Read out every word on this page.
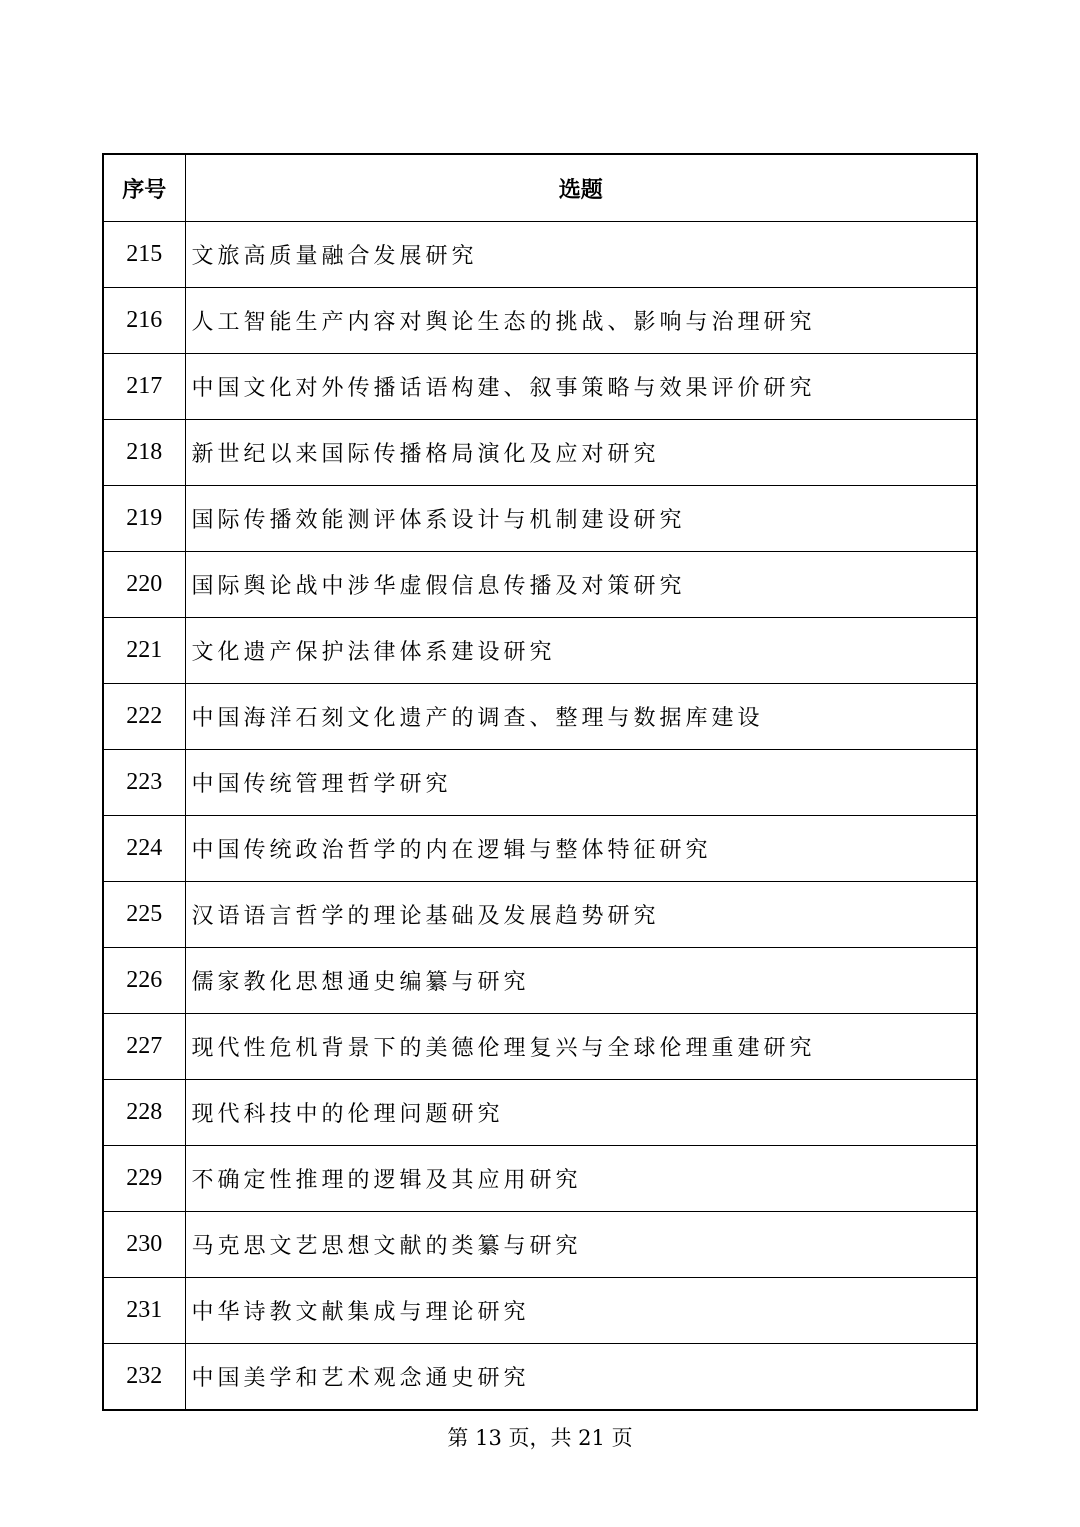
序号	选题
215	文旅高质量融合发展研究
216	人工智能生产内容对舆论生态的挑战、影响与治理研究
217	中国文化对外传播话语构建、叙事策略与效果评价研究
218	新世纪以来国际传播格局演化及应对研究
219	国际传播效能测评体系设计与机制建设研究
220	国际舆论战中涉华虚假信息传播及对策研究
221	文化遗产保护法律体系建设研究
222	中国海洋石刻文化遗产的调查、整理与数据库建设
223	中国传统管理哲学研究
224	中国传统政治哲学的内在逻辑与整体特征研究
225	汉语语言哲学的理论基础及发展趋势研究
226	儒家教化思想通史编纂与研究
227	现代性危机背景下的美德伦理复兴与全球伦理重建研究
228	现代科技中的伦理问题研究
229	不确定性推理的逻辑及其应用研究
230	马克思文艺思想文献的类纂与研究
231	中华诗教文献集成与理论研究
232	中国美学和艺术观念通史研究
第 13 页，共 21 页
